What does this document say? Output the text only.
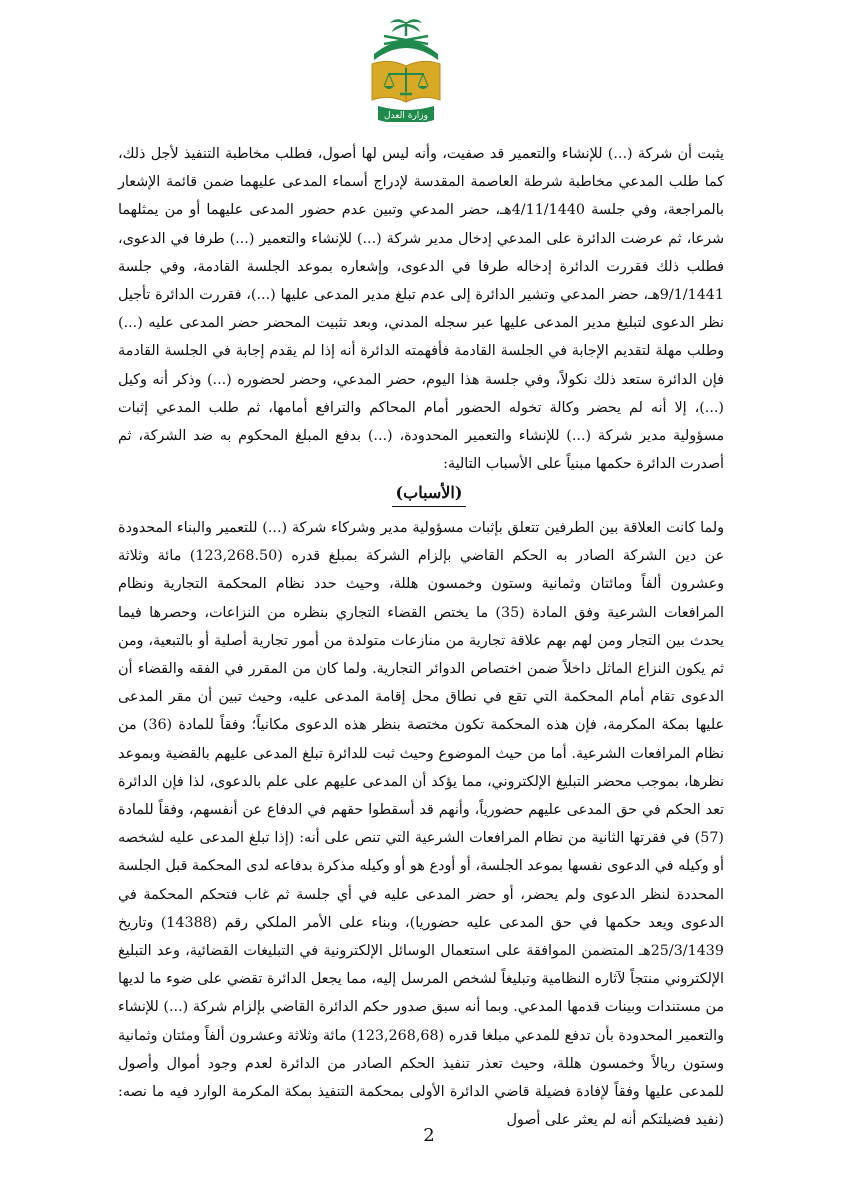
وزارة العدل
المملكة العربية السعودية

يثبت أن شركة (...) للإنشاء والتعمير قد صفيت، وأنه ليس لها أصول، فطلب مخاطبة التنفيذ لأجل ذلك، كما طلب المدعي مخاطبة شرطة العاصمة المقدسة لإدراج أسماء المدعى عليهما ضمن قائمة الإشعار بالمراجعة، وفي جلسة 4/11/1440هـ، حضر المدعي وتبين عدم حضور المدعى عليهما أو من يمثلهما شرعا، ثم عرضت الدائرة على المدعي إدخال مدير شركة (...) للإنشاء والتعمير (...) طرفا في الدعوى، فطلب ذلك فقررت الدائرة إدخاله طرفا في الدعوى، وإشعاره بموعد الجلسة القادمة، وفي جلسة 9/1/1441هـ، حضر المدعي وتشير الدائرة إلى عدم تبلغ مدير المدعى عليها (...)، فقررت الدائرة تأجيل نظر الدعوى لتبليغ مدير المدعى عليها عبر سجله المدني، وبعد تثبيت المحضر حضر المدعى عليه (...) وطلب مهلة لتقديم الإجابة في الجلسة القادمة فأفهمته الدائرة أنه إذا لم يقدم إجابة في الجلسة القادمة فإن الدائرة ستعد ذلك نكولاً، وفي جلسة هذا اليوم، حضر المدعي، وحضر لحضوره (...) وذكر أنه وكيل (...)، إلا أنه لم يحضر وكالة تخوله الحضور أمام المحاكم والترافع أمامها، ثم طلب المدعي إثبات مسؤولية مدير شركة (...) للإنشاء والتعمير المحدودة، (...) بدفع المبلغ المحكوم به ضد الشركة، ثم أصدرت الدائرة حكمها مبنياً على الأسباب التالية:

(الأسباب)

ولما كانت العلاقة بين الطرفين تتعلق بإثبات مسؤولية مدير وشركاء شركة (...) للتعمير والبناء المحدودة عن دين الشركة الصادر به الحكم القاضي بإلزام الشركة بمبلغ قدره (123,268.50) مائة وثلاثة وعشرون ألفاً ومائتان وثمانية وستون وخمسون هللة، وحيث حدد نظام المحكمة التجارية ونظام المرافعات الشرعية وفق المادة (35) ما يختص القضاء التجاري بنظره من النزاعات، وحصرها فيما يحدث بين التجار ومن لهم بهم علاقة تجارية من منازعات متولدة من أمور تجارية أصلية أو بالتبعية، ومن ثم يكون النزاع الماثل داخلاً ضمن اختصاص الدوائر التجارية. ولما كان من المقرر في الفقه والقضاء أن الدعوى تقام أمام المحكمة التي تقع في نطاق محل إقامة المدعى عليه، وحيث تبين أن مقر المدعى عليها بمكة المكرمة، فإن هذه المحكمة تكون مختصة بنظر هذه الدعوى مكانياً؛ وفقاً للمادة (36) من نظام المرافعات الشرعية. أما من حيث الموضوع وحيث ثبت للدائرة تبلغ المدعى عليهم بالقضية وبموعد نظرها، بموجب محضر التبليغ الإلكتروني، مما يؤكد أن المدعى عليهم على علم بالدعوى، لذا فإن الدائرة تعد الحكم في حق المدعى عليهم حضورياً، وأنهم قد أسقطوا حقهم في الدفاع عن أنفسهم، وفقاً للمادة (57) في فقرتها الثانية من نظام المرافعات الشرعية التي تنص على أنه: (إذا تبلغ المدعى عليه لشخصه أو وكيله في الدعوى نفسها بموعد الجلسة، أو أودع هو أو وكيله مذكرة بدفاعه لدى المحكمة قبل الجلسة المحددة لنظر الدعوى ولم يحضر، أو حضر المدعى عليه في أي جلسة ثم غاب فتحكم المحكمة في الدعوى ويعد حكمها في حق المدعى عليه حضوريا)، وبناء على الأمر الملكي رقم (14388) وتاريخ 25/3/1439هـ المتضمن الموافقة على استعمال الوسائل الإلكترونية في التبليغات القضائية، وعد التبليغ الإلكتروني منتجاً لآثاره النظامية وتبليغاً لشخص المرسل إليه، مما يجعل الدائرة تقضي على ضوء ما لديها من مستندات وبينات قدمها المدعي. وبما أنه سبق صدور حكم الدائرة القاضي بإلزام شركة (...) للإنشاء والتعمير المحدودة بأن تدفع للمدعي مبلغا قدره (123,268,68) مائة وثلاثة وعشرون ألفاً ومئتان وثمانية وستون ريالاً وخمسون هللة، وحيث تعذر تنفيذ الحكم الصادر من الدائرة لعدم وجود أموال وأصول للمدعى عليها وفقاً لإفادة فضيلة قاضي الدائرة الأولى بمحكمة التنفيذ بمكة المكرمة الوارد فيه ما نصه: (نفيد فضيلتكم أنه لم يعثر على أصول

2
